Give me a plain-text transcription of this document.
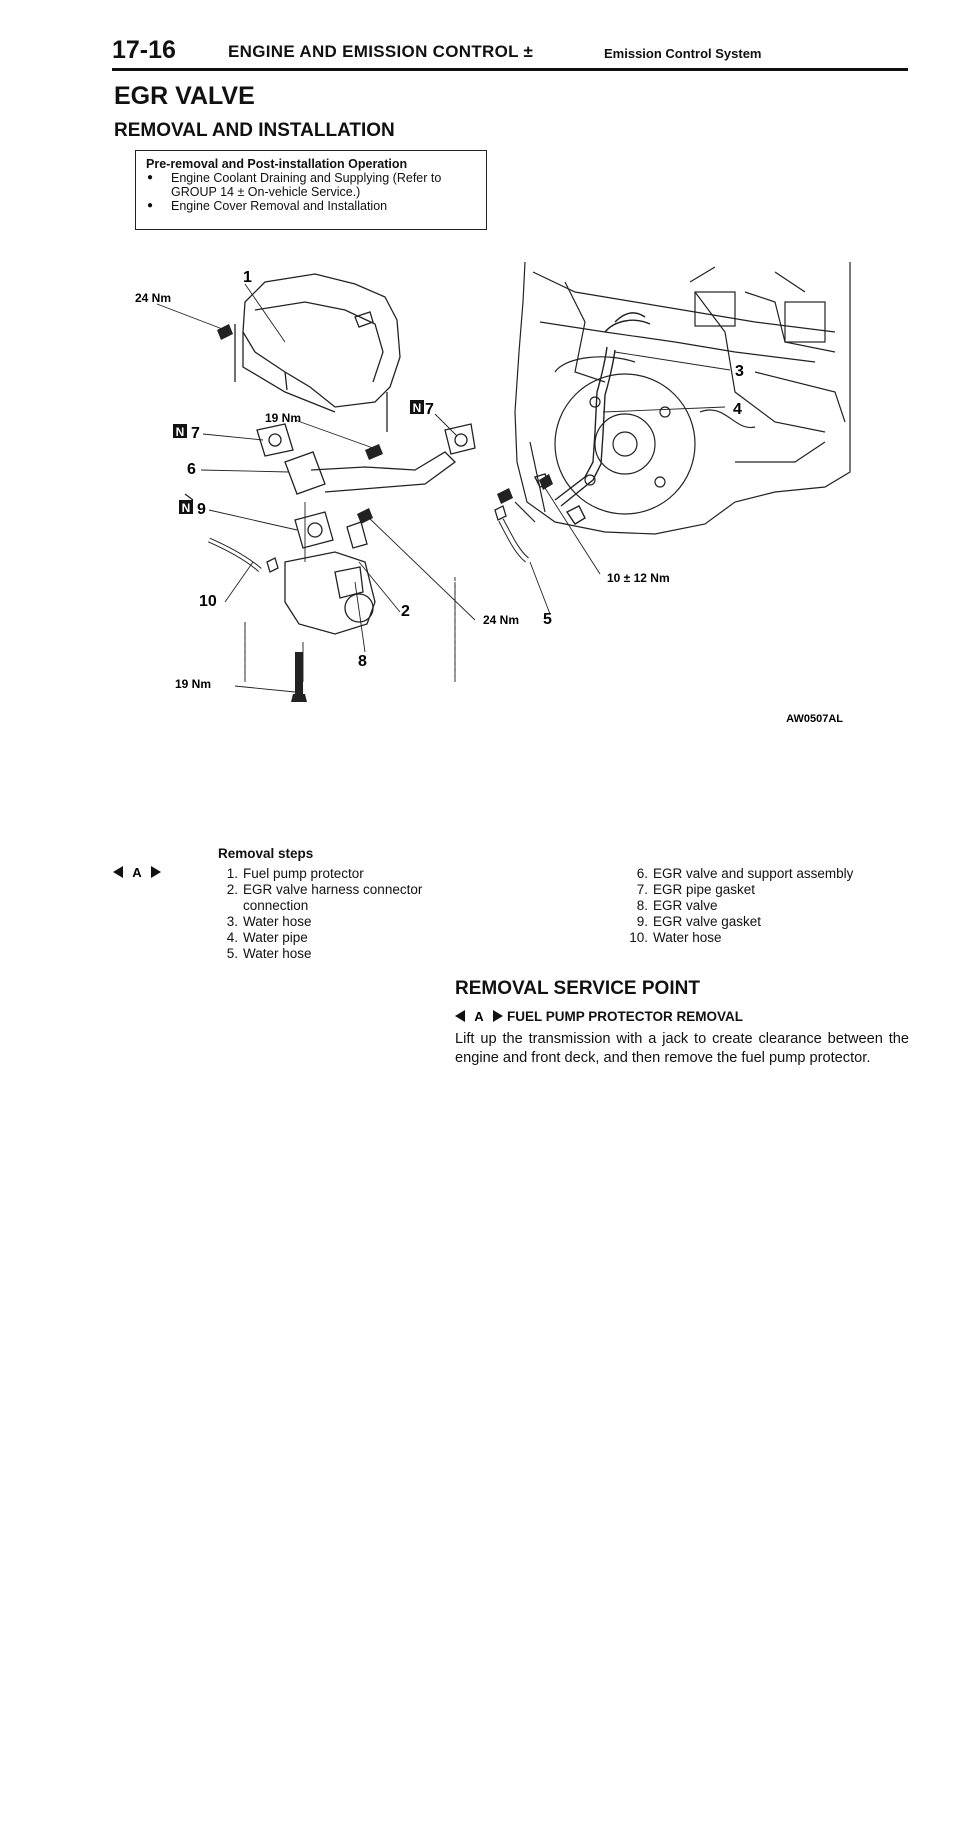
17-16	ENGINE AND EMISSION CONTROL ±	Emission Control System
EGR VALVE
REMOVAL AND INSTALLATION
Pre-removal and Post-installation Operation
● Engine Coolant Draining and Supplying (Refer to GROUP 14 ± On-vehicle Service.)
● Engine Cover Removal and Installation
1
3
4
7
7
6
9
10
2	5
8
24 Nm
19 Nm
24 Nm
19 Nm
10 ± 12 Nm
N
N
N
AW0507AL
Removal steps
A	1. Fuel pump protector
2. EGR valve harness connector connection
3. Water hose
4. Water pipe
5. Water hose
6. EGR valve and support assembly
7. EGR pipe gasket
8. EGR valve
9. EGR valve gasket
10. Water hose
REMOVAL SERVICE POINT
A FUEL PUMP PROTECTOR REMOVAL
Lift up the transmission with a jack to create clearance between the engine and front deck, and then remove the fuel pump protector.
